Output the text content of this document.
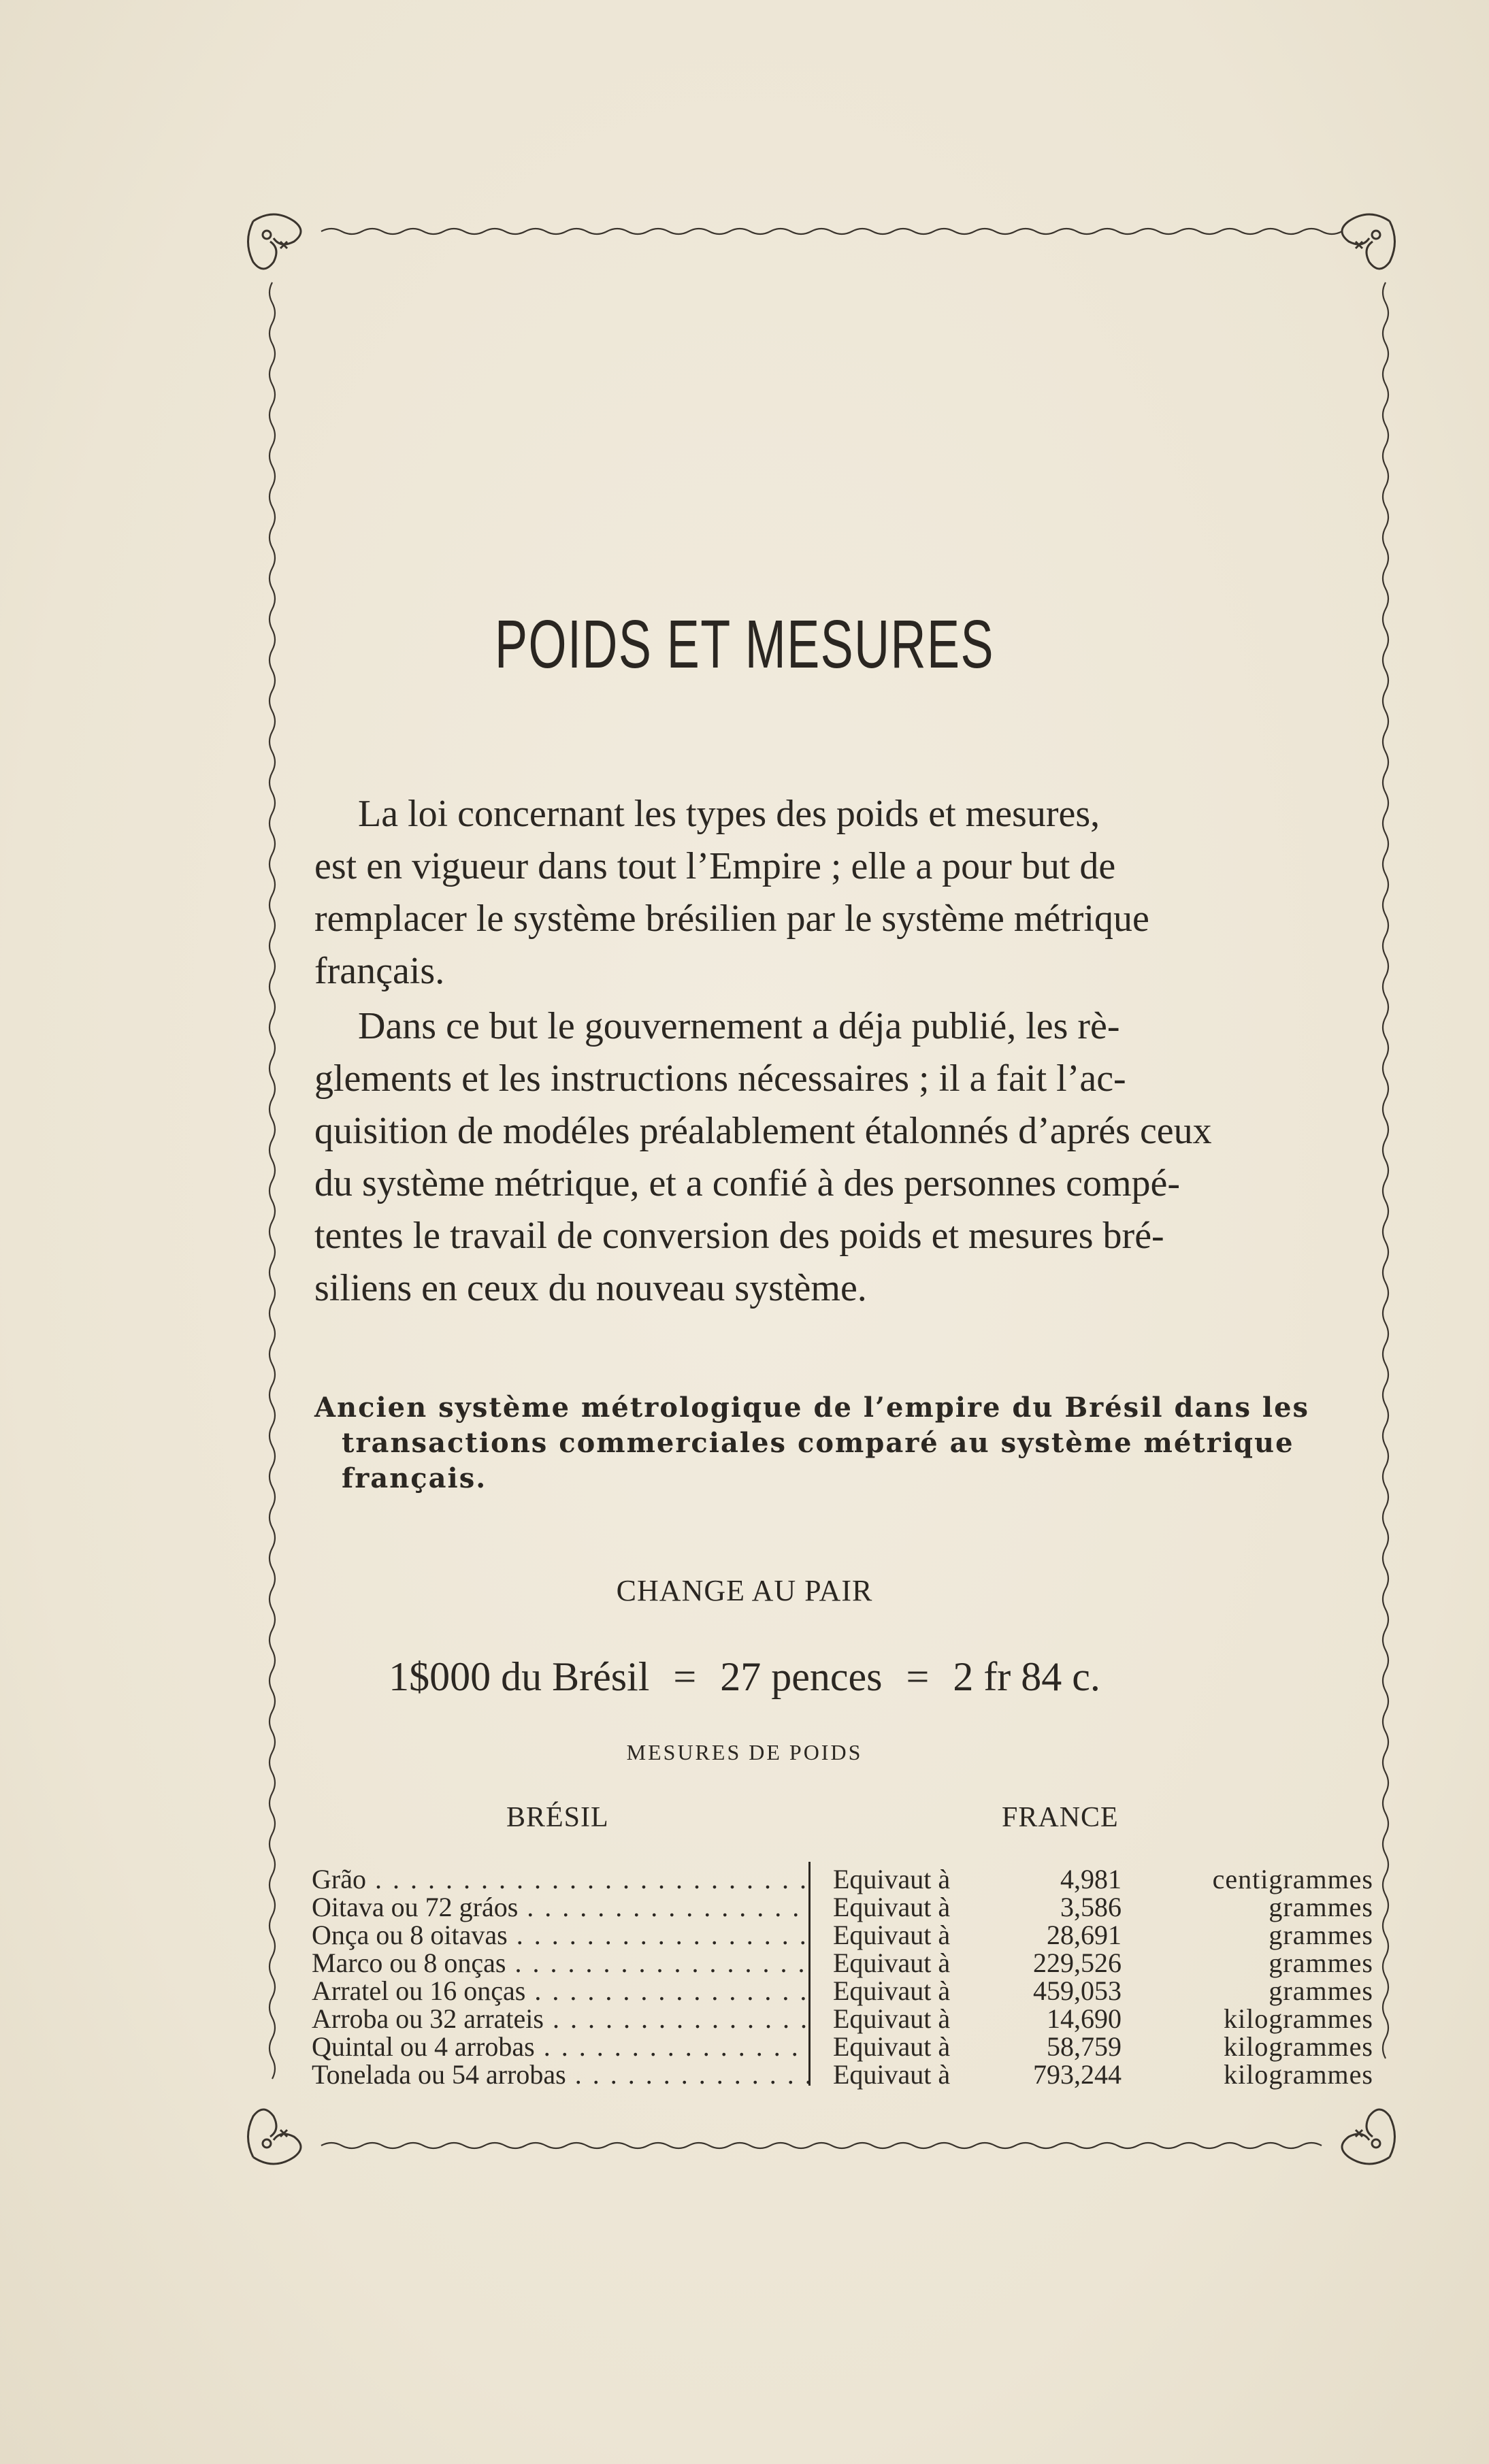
POIDS ET MESURES

La loi concernant les types des poids et mesures,

est en vigueur dans tout l’Empire ; elle a pour but de
remplacer le système brésilien par le système métrique
français.

Dans ce but le gouvernement a déja publié, les rè-

glements et les instructions nécessaires ; il a fait l’ac-
quisition de modéles préalablement étalonnés d’aprés ceux
du système métrique, et a confié à des personnes compé-
tentes le travail de conversion des poids et mesures bré-
siliens en ceux du nouveau système.
Ancien système métrologique de l’empire du Brésil dans les
transactions commerciales comparé au système métrique
français.
CHANGE AU PAIR
1$000 du Brésil = 27 pences = 2 fr 84 c.
MESURES DE POIDS
BRÉSIL	FRANCE
Grão . . .	Equivaut à	4,981	centigrammes
Oitava ou 72 gráos . . .	Equivaut à	3,586	grammes
Onça ou 8 oitavas . . .	Equivaut à	28,691	grammes
Marco ou 8 onças . . .	Equivaut à	229,526	grammes
Arratel ou 16 onças . . .	Equivaut à	459,053	grammes
Arroba ou 32 arrateis . . .	Equivaut à	14,690	kilogrammes
Quintal ou 4 arrobas . . .	Equivaut à	58,759	kilogrammes
Tonelada ou 54 arrobas . . .	Equivaut à	793,244	kilogrammes
